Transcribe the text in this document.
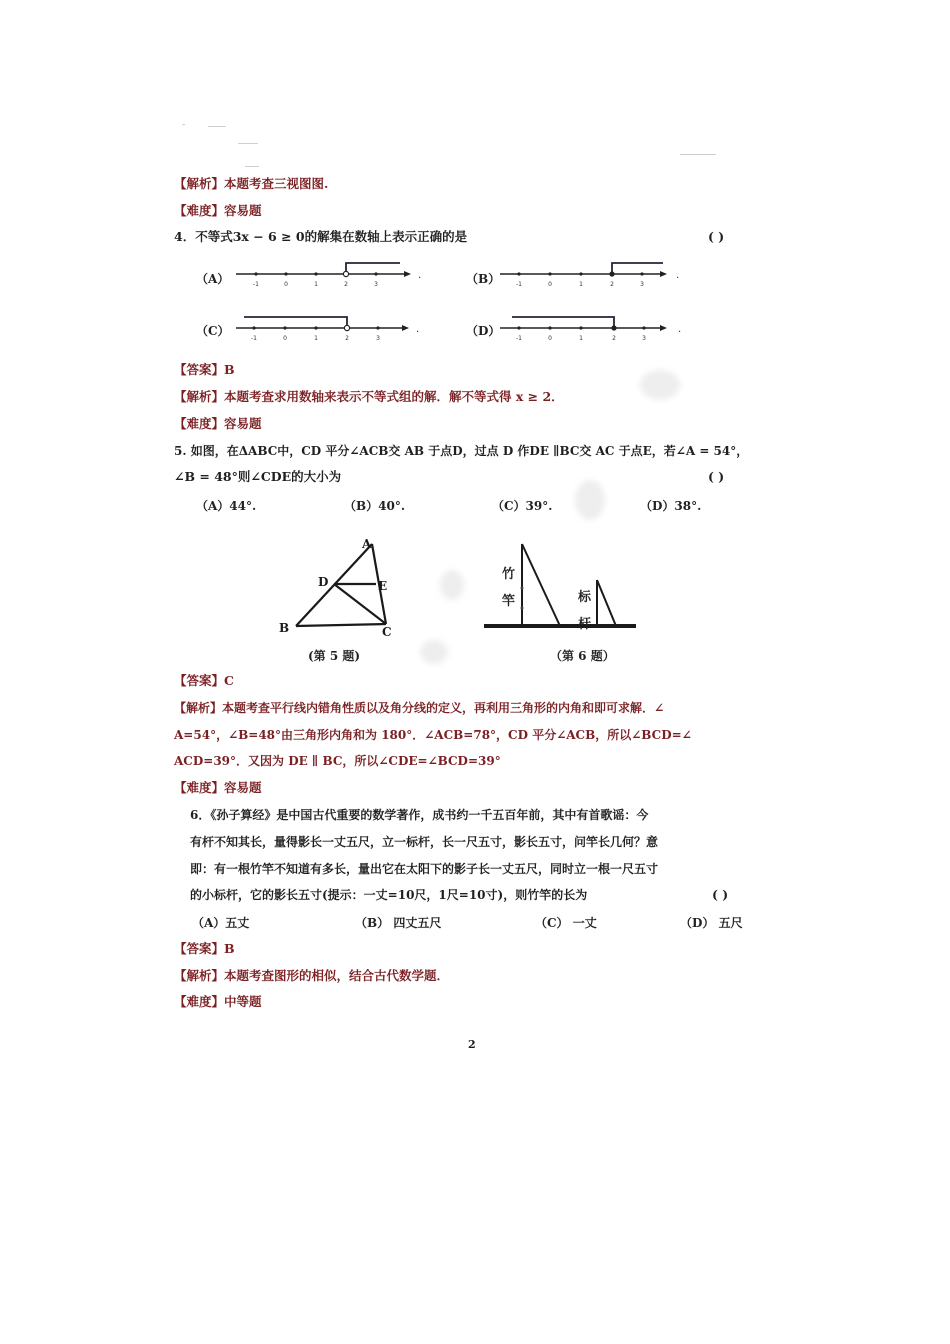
【解析】本题考查三视图图.
【难度】容易题
4．不等式3x − 6 ≥ 0的解集在数轴上表示正确的是	( )
（A）	-1	0	1	2	3
.	（B）	-1	0	1	2	3
.
（C）
-1	0	1	2	3
.	（D）
-1	0	1	2	3
.
【答案】B
【解析】本题考查求用数轴来表示不等式组的解．解不等式得 x ≥ 2．
【难度】容易题
5. 如图，在ΔABC中，CD 平分∠ACB交 AB 于点D，过点 D 作DE ∥BC交 AC 于点E，若∠A = 54°，
∠B = 48°则∠CDE的大小为	( )
（A）44°.	（B）40°.	（C）39°.	（D）38°.
A
B	C
D	E
(第 5 题)
竹
竿	标
杆
（第 6 题）
【答案】C
【解析】本题考查平行线内错角性质以及角分线的定义，再利用三角形的内角和即可求解．∠
A=54°，∠B=48°由三角形内角和为 180°．∠ACB=78°，CD 平分∠ACB，所以∠BCD=∠
ACD=39°．又因为 DE ∥ BC，所以∠CDE=∠BCD=39°
【难度】容易题
6．《孙子算经》是中国古代重要的数学著作，成书约一千五百年前，其中有首歌谣：今
有杆不知其长，量得影长一丈五尺，立一标杆，长一尺五寸，影长五寸，问竿长几何？意
即：有一根竹竿不知道有多长，量出它在太阳下的影子长一丈五尺，同时立一根一尺五寸
的小标杆，它的影长五寸(提示：一丈=10尺，1尺=10寸)，则竹竿的长为	( )
（A）五丈	（B） 四丈五尺	（C） 一丈	（D） 五尺
【答案】B
【解析】本题考查图形的相似，结合古代数学题．
【难度】中等题
2
